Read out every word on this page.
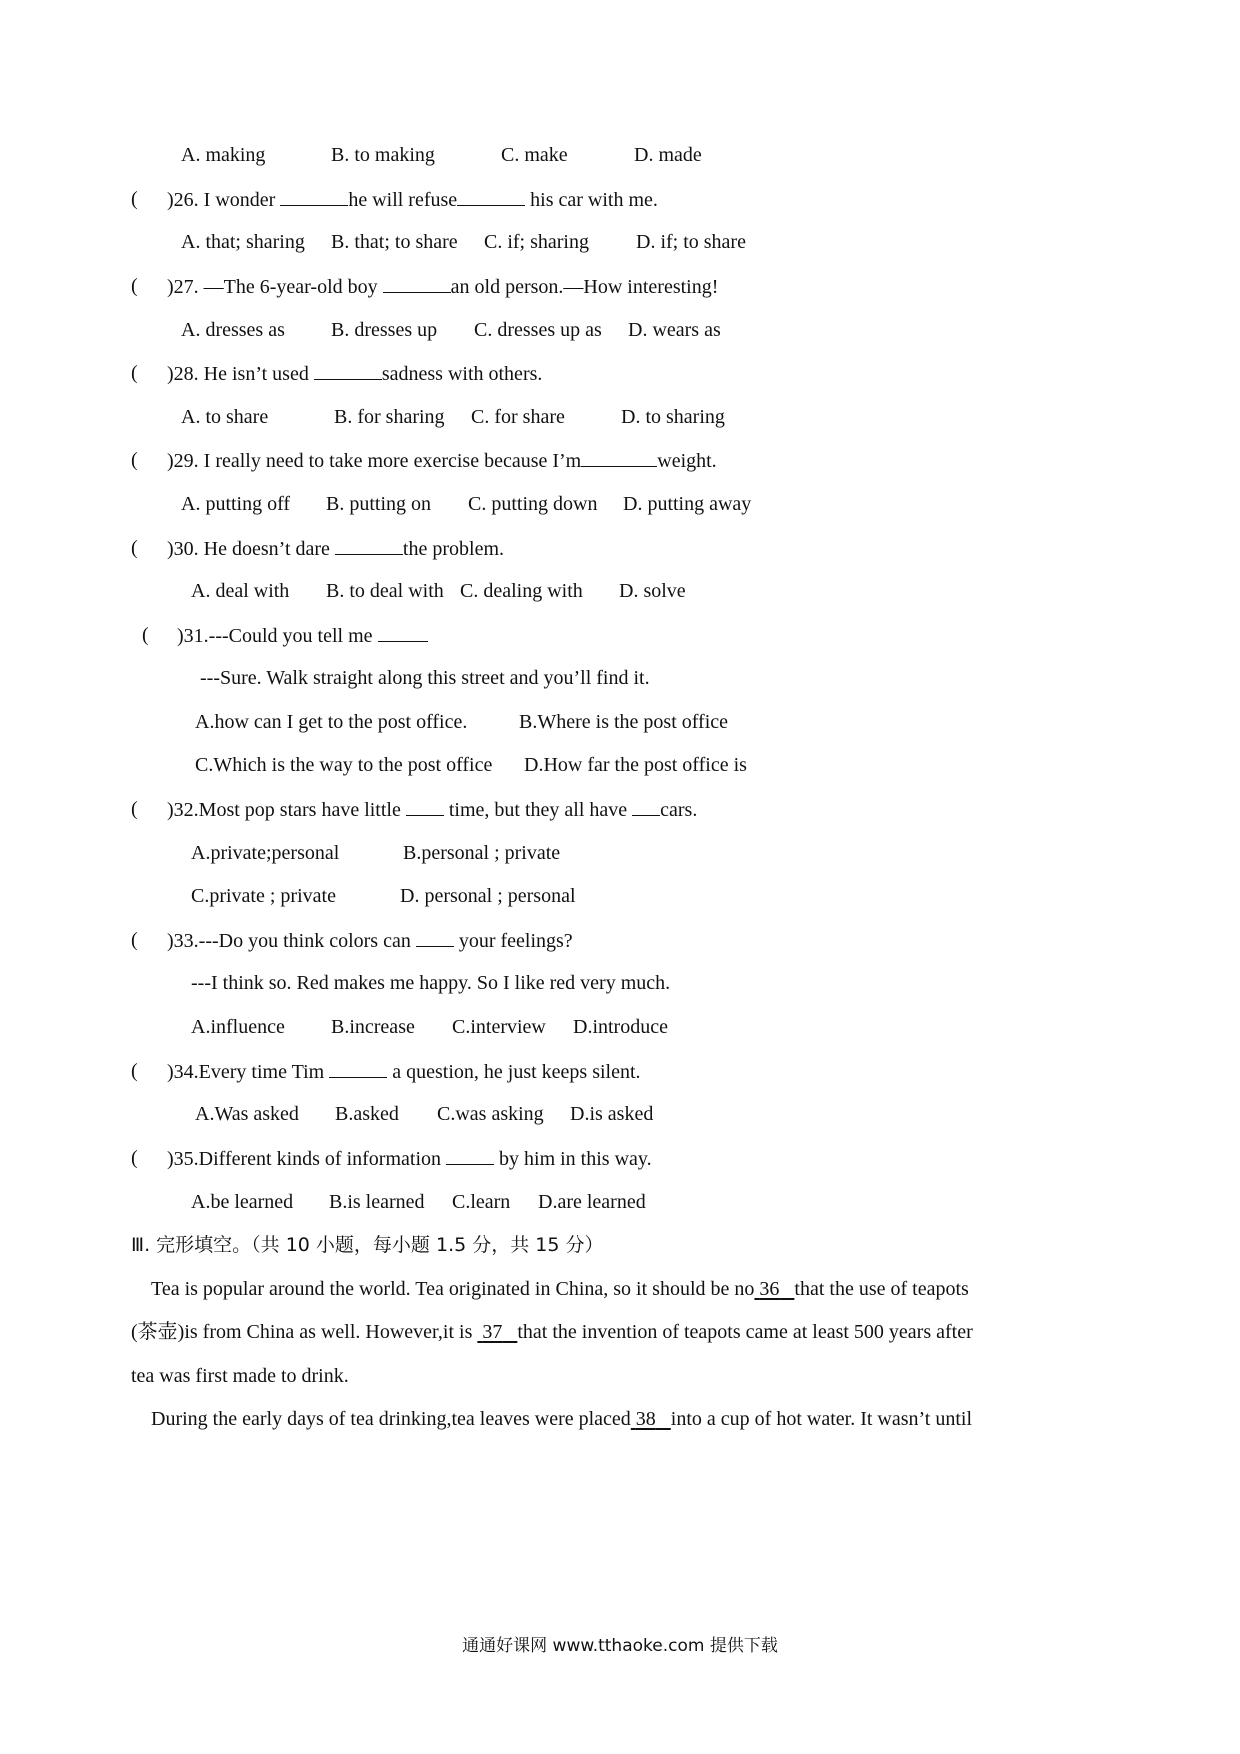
A. making	B. to making	C. make	D. made
( )26. I wonder	he will refuse	his car with me.
A. that; sharing B. that; to share C. if; sharing D. if; to share
( )27. —The 6-year-old boy	an old person.—How interesting!
A. dresses as B. dresses up C. dresses up as D. wears as
( )28. He isn’t used	sadness with others.
A. to share	B. for sharing C. for share	D. to sharing
( )29. I really need to take more exercise because I’m	weight.
A. putting off B. putting on C. putting down D. putting away
( )30. He doesn’t dare	the problem.
A. deal with B. to deal with C. dealing with D. solve
( )31.---Could you tell me
---Sure. Walk straight along this street and you’ll find it.
A.how can I get to the post office.	B.Where is the post office
C.Which is the way to the post office D.How far the post office is
( )32.Most pop stars have little time, but they all have cars.
A.private;personal	B.personal ; private
C.private ; private	D. personal ; personal
( )33.---Do you think colors can your feelings?
---I think so. Red makes me happy. So I like red very much.
A.influence B.increase C.interview D.introduce
( )34.Every time Tim	a question, he just keeps silent.
A.Was asked B.asked C.was asking D.is asked
( )35.Different kinds of information	by him in this way.
A.be learned B.is learned C.learn D.are learned
Ⅲ. 完形填空。（共 10 小题，每小题 1.5 分，共 15 分）
Tea is popular around the world. Tea originated in China, so it should be no 36 that the use of teapots
(茶壶)is from China as well. However,it is 37 that the invention of teapots came at least 500 years after
tea was first made to drink.
During the early days of tea drinking,tea leaves were placed 38 into a cup of hot water. It wasn’t until
通通好课网 www.tthaoke.com 提供下载
